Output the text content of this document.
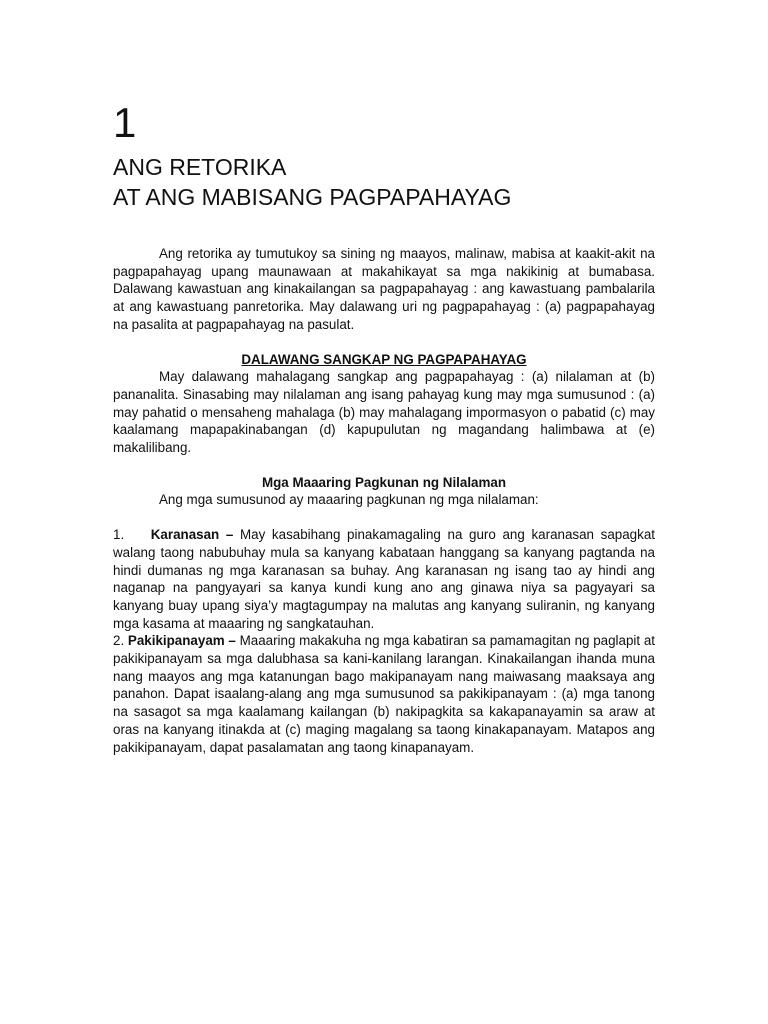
1
ANG RETORIKA
AT ANG MABISANG PAGPAPAHAYAG

Ang retorika ay tumutukoy sa sining ng maayos, malinaw, mabisa at kaakit-akit na pagpapahayag upang maunawaan at makahikayat sa mga nakikinig at bumabasa. Dalawang kawastuan ang kinakailangan sa pagpapahayag : ang kawastuang pambalarila at ang kawastuang panretorika. May dalawang uri ng pagpapahayag : (a) pagpapahayag na pasalita at pagpapahayag na pasulat.

DALAWANG SANGKAP NG PAGPAPAHAYAG

May dalawang mahalagang sangkap ang pagpapahayag : (a) nilalaman at (b) pananalita. Sinasabing may nilalaman ang isang pahayag kung may mga sumusunod : (a) may pahatid o mensaheng mahalaga (b) may mahalagang impormasyon o pabatid (c) may kaalamang mapapakinabangan (d) kapupulutan ng magandang halimbawa at (e) makalilibang.

Mga Maaaring Pagkunan ng Nilalaman

Ang mga sumusunod ay maaaring pagkunan ng mga nilalaman:

1. Karanasan – May kasabihang pinakamagaling na guro ang karanasan sapagkat walang taong nabubuhay mula sa kanyang kabataan hanggang sa kanyang pagtanda na hindi dumanas ng mga karanasan sa buhay. Ang karanasan ng isang tao ay hindi ang naganap na pangyayari sa kanya kundi kung ano ang ginawa niya sa pagyayari sa kanyang buay upang siya’y magtagumpay na malutas ang kanyang suliranin, ng kanyang mga kasama at maaaring ng sangkatauhan.

2. Pakikipanayam – Maaaring makakuha ng mga kabatiran sa pamamagitan ng paglapit at pakikipanayam sa mga dalubhasa sa kani-kanilang larangan. Kinakailangan ihanda muna nang maayos ang mga katanungan bago makipanayam nang maiwasang maaksaya ang panahon. Dapat isaalang-alang ang mga sumusunod sa pakikipanayam : (a) mga tanong na sasagot sa mga kaalamang kailangan (b) nakipagkita sa kakapanayamin sa araw at oras na kanyang itinakda at (c) maging magalang sa taong kinakapanayam. Matapos ang pakikipanayam, dapat pasalamatan ang taong kinapanayam.
